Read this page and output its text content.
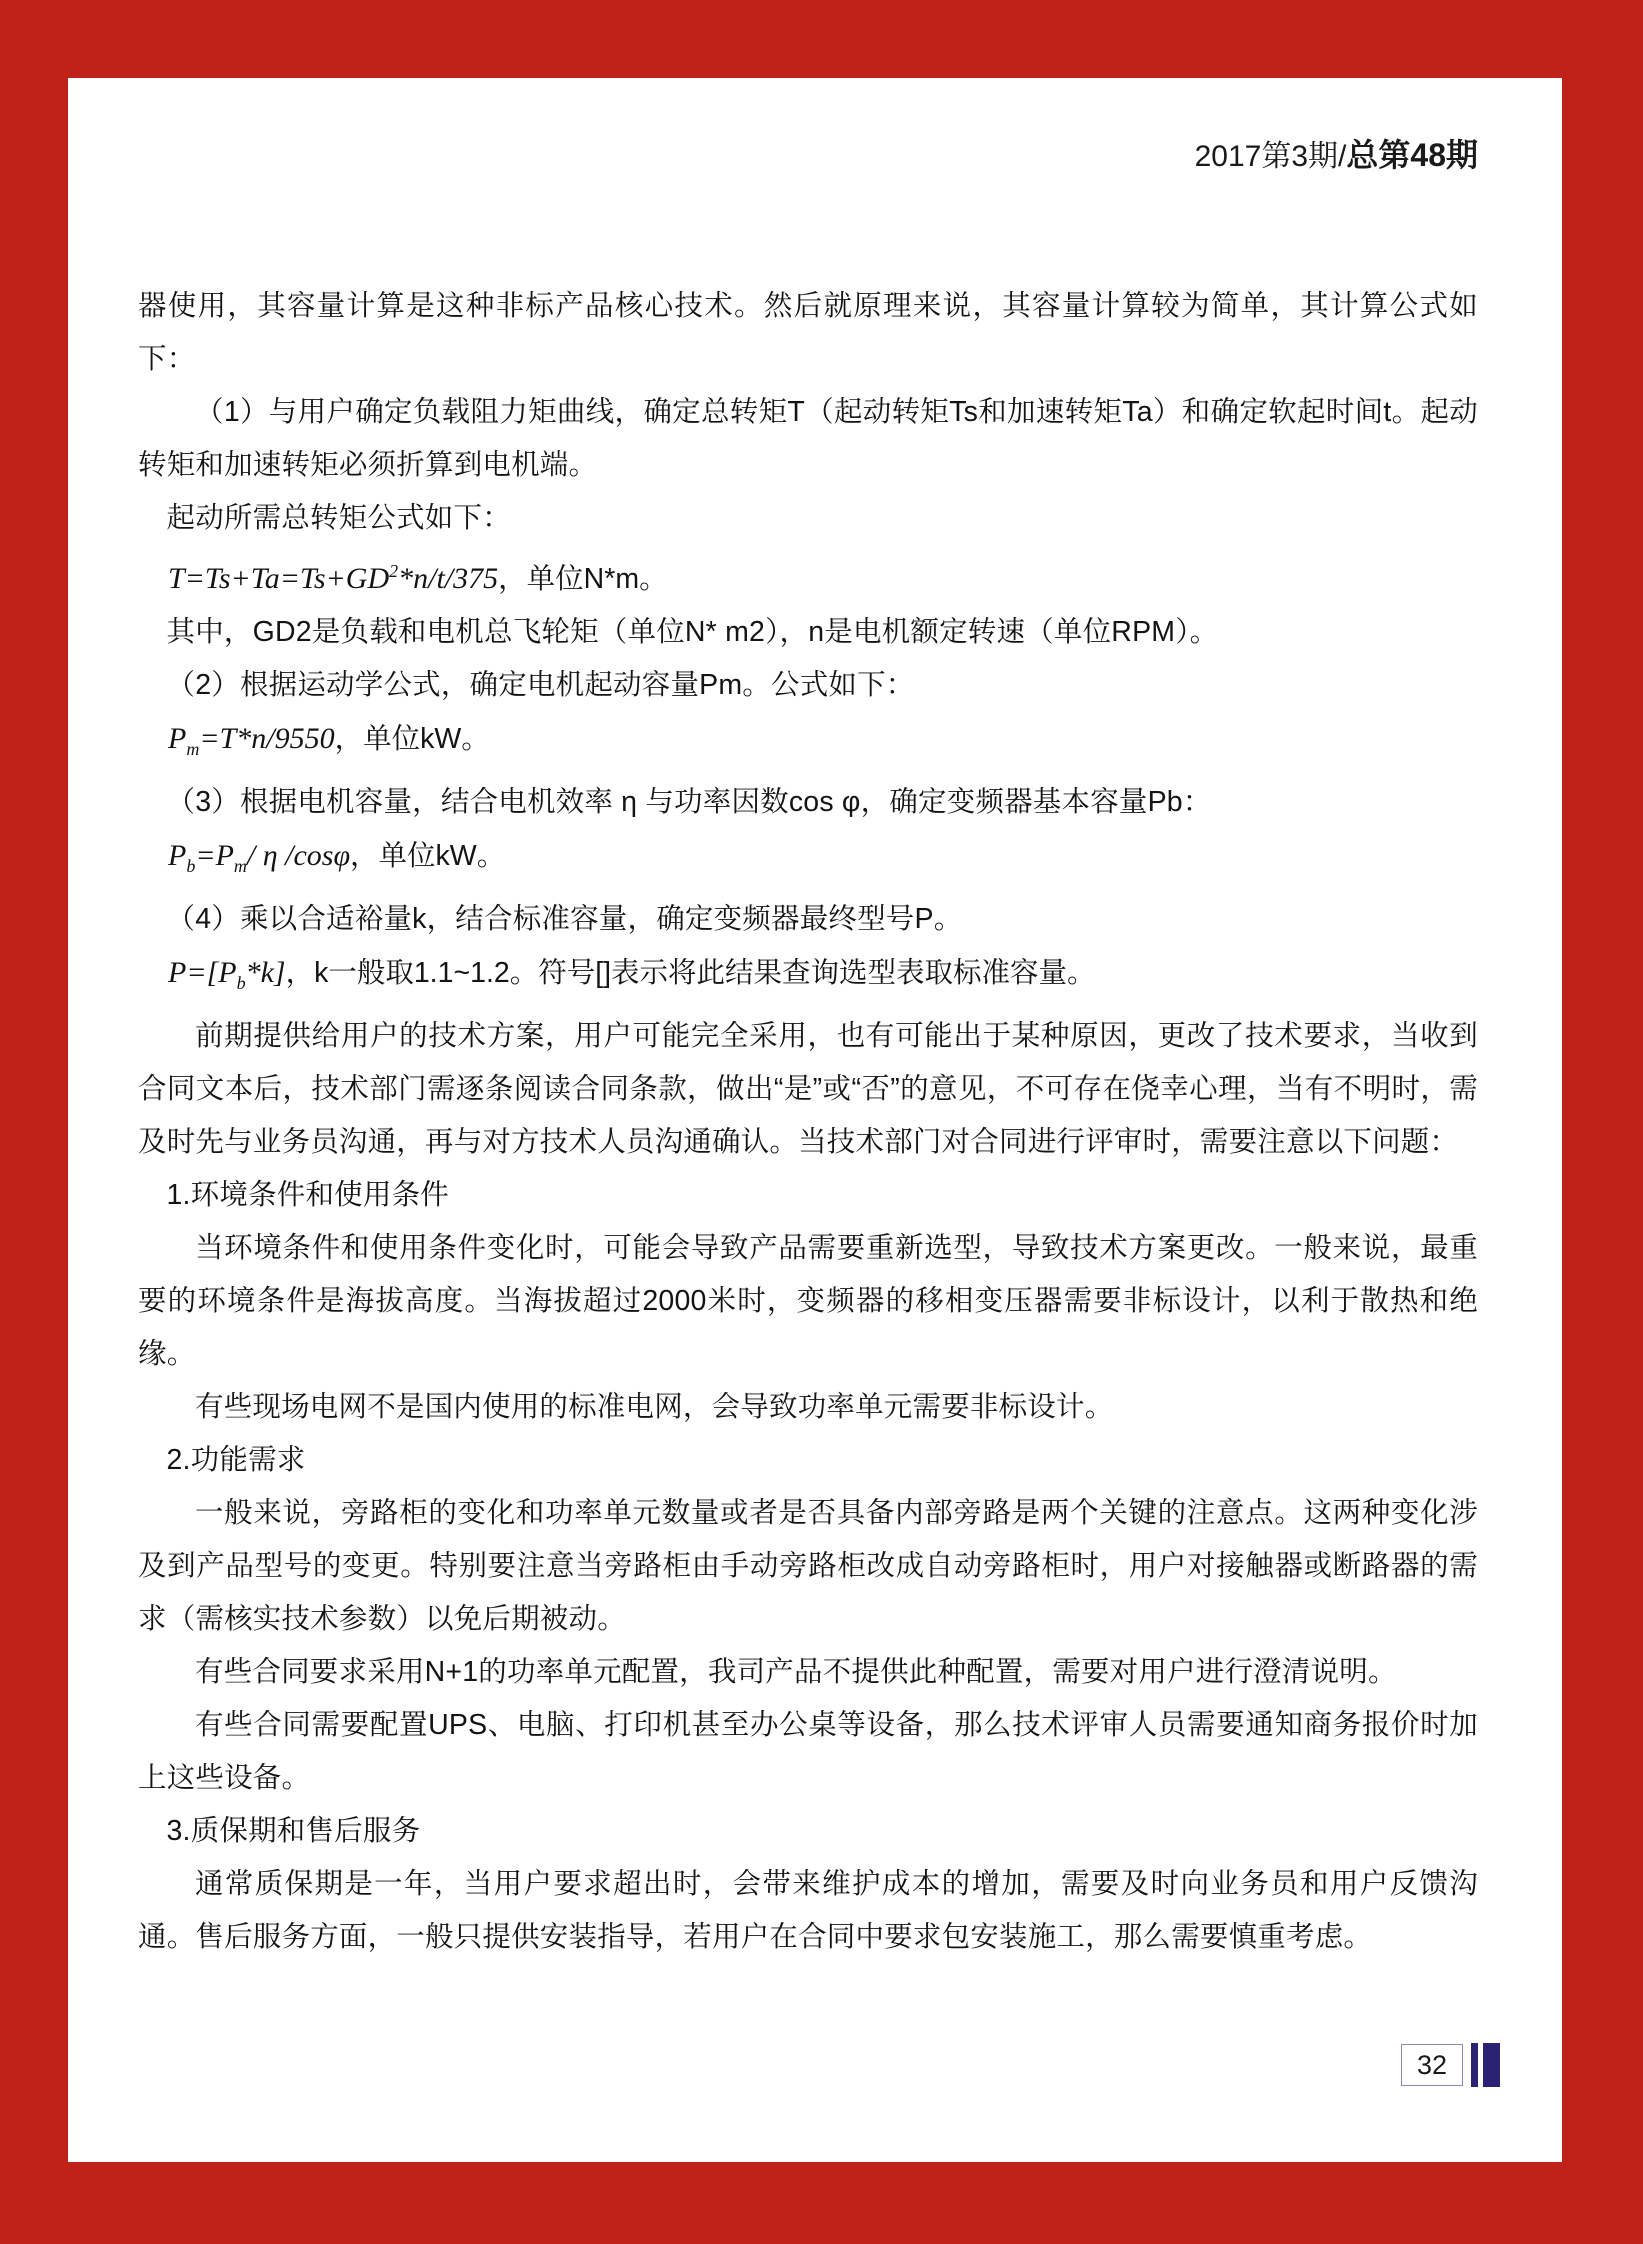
2017第3期/总第48期

器使用，其容量计算是这种非标产品核心技术。然后就原理来说，其容量计算较为简单，其计算公式如下：

（1）与用户确定负载阻力矩曲线，确定总转矩T（起动转矩Ts和加速转矩Ta）和确定软起时间t。起动转矩和加速转矩必须折算到电机端。

起动所需总转矩公式如下：

$T=Ts+Ta=Ts+GD^2*n/t/375$，单位N*m。

其中，GD2是负载和电机总飞轮矩（单位N* m2），n是电机额定转速（单位RPM）。

（2）根据运动学公式，确定电机起动容量Pm。公式如下：

$P_m=T*n/9550$，单位kW。

（3）根据电机容量，结合电机效率 η 与功率因数cos φ，确定变频器基本容量Pb：

$P_b=P_m/$ η /cosφ，单位kW。

（4）乘以合适裕量k，结合标准容量，确定变频器最终型号P。

$P=[P_b*k]$，k一般取1.1~1.2。符号[]表示将此结果查询选型表取标准容量。

前期提供给用户的技术方案，用户可能完全采用，也有可能出于某种原因，更改了技术要求，当收到合同文本后，技术部门需逐条阅读合同条款，做出“是”或“否”的意见，不可存在侥幸心理，当有不明时，需及时先与业务员沟通，再与对方技术人员沟通确认。当技术部门对合同进行评审时，需要注意以下问题：

1.环境条件和使用条件

当环境条件和使用条件变化时，可能会导致产品需要重新选型，导致技术方案更改。一般来说，最重要的环境条件是海拔高度。当海拔超过2000米时，变频器的移相变压器需要非标设计，以利于散热和绝缘。

有些现场电网不是国内使用的标准电网，会导致功率单元需要非标设计。

2.功能需求

一般来说，旁路柜的变化和功率单元数量或者是否具备内部旁路是两个关键的注意点。这两种变化涉及到产品型号的变更。特别要注意当旁路柜由手动旁路柜改成自动旁路柜时，用户对接触器或断路器的需求（需核实技术参数）以免后期被动。

有些合同要求采用N+1的功率单元配置，我司产品不提供此种配置，需要对用户进行澄清说明。

有些合同需要配置UPS、电脑、打印机甚至办公桌等设备，那么技术评审人员需要通知商务报价时加上这些设备。

3.质保期和售后服务

通常质保期是一年，当用户要求超出时，会带来维护成本的增加，需要及时向业务员和用户反馈沟通。售后服务方面，一般只提供安装指导，若用户在合同中要求包安装施工，那么需要慎重考虑。

32
